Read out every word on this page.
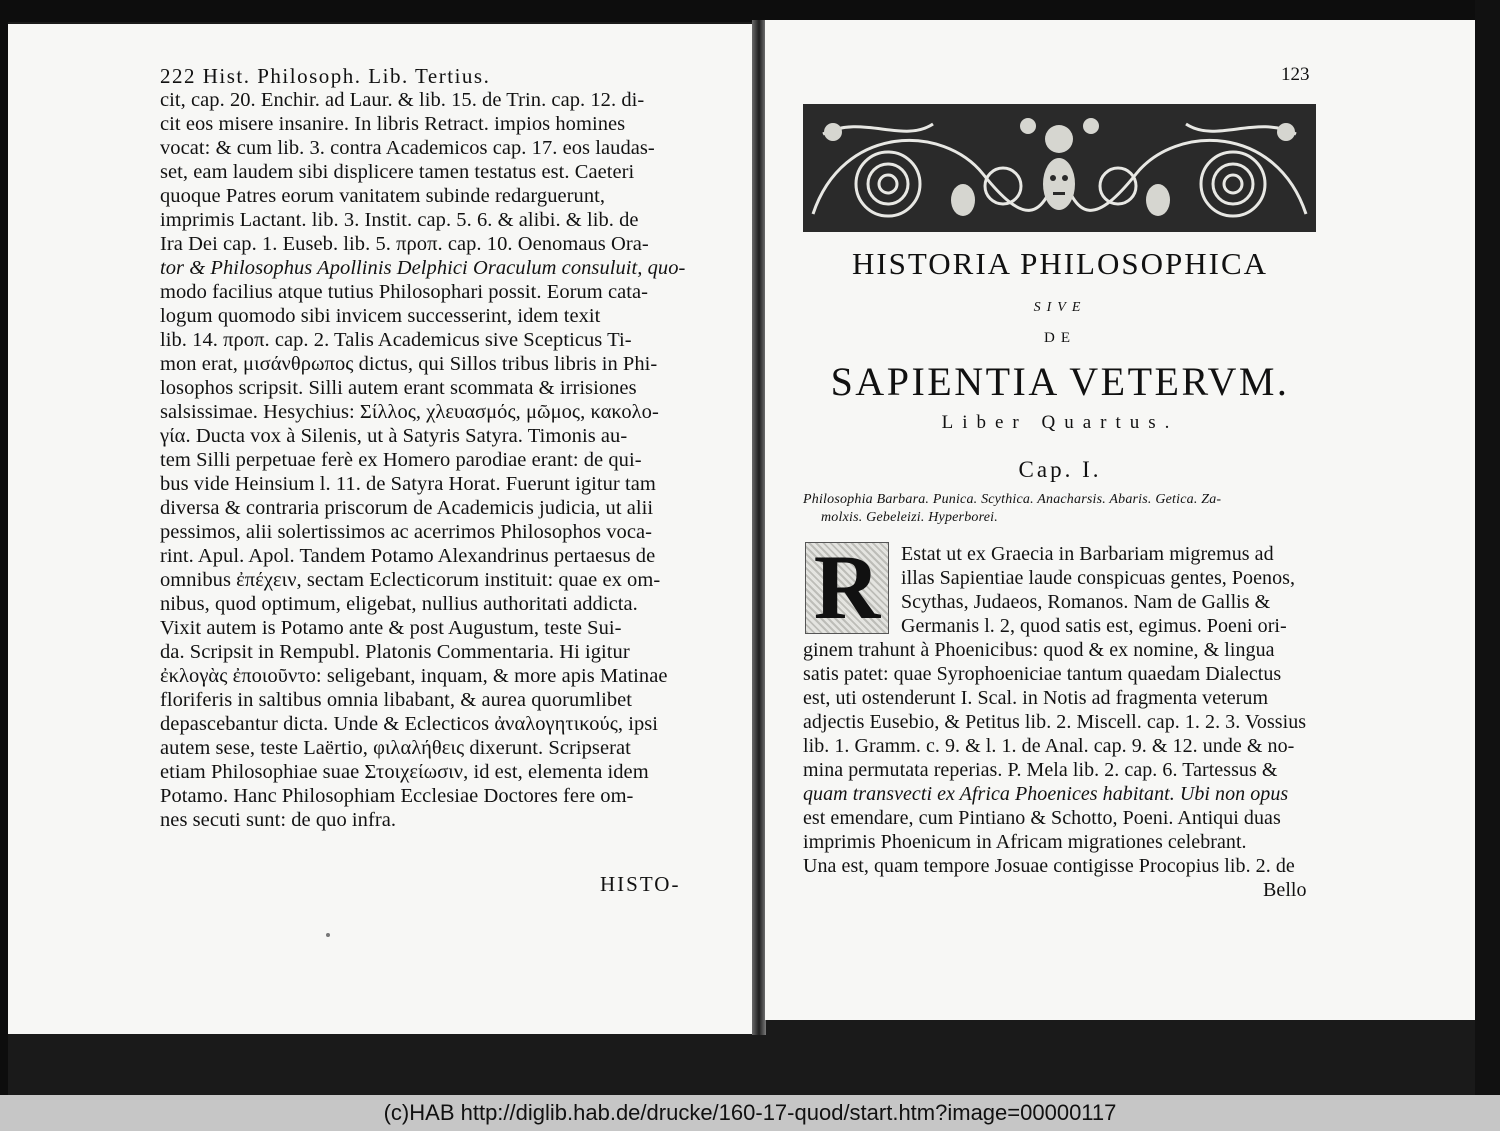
222 Hist. Philosoph. Lib. Tertius.
cit, cap. 20. Enchir. ad Laur. & lib. 15. de Trin. cap. 12. di-
cit eos misere insanire. In libris Retract. impios homines
vocat: & cum lib. 3. contra Academicos cap. 17. eos laudas-
set, eam laudem sibi displicere tamen testatus est. Caeteri
quoque Patres eorum vanitatem subinde redarguerunt,
imprimis Lactant. lib. 3. Instit. cap. 5. 6. & alibi. & lib. de
Ira Dei cap. 1. Euseb. lib. 5. προπ. cap. 10. Oenomaus Ora-
tor & Philosophus Apollinis Delphici Oraculum consuluit, quo-
modo facilius atque tutius Philosophari possit. Eorum cata-
logum quomodo sibi invicem successerint, idem texit
lib. 14. προπ. cap. 2. Talis Academicus sive Scepticus Ti-
mon erat, μισάνθρωπος dictus, qui Sillos tribus libris in Phi-
losophos scripsit. Silli autem erant scommata & irrisiones
salsissimae. Hesychius: Σίλλος, χλευασμός, μῶμος, κακολο-
γία. Ducta vox à Silenis, ut à Satyris Satyra. Timonis au-
tem Silli perpetuae ferè ex Homero parodiae erant: de qui-
bus vide Heinsium l. 11. de Satyra Horat. Fuerunt igitur tam
diversa & contraria priscorum de Academicis judicia, ut alii
pessimos, alii solertissimos ac acerrimos Philosophos voca-
rint. Apul. Apol. Tandem Potamo Alexandrinus pertaesus de
omnibus ἐπέχειν, sectam Eclecticorum instituit: quae ex om-
nibus, quod optimum, eligebat, nullius authoritati addicta.
Vixit autem is Potamo ante & post Augustum, teste Sui-
da. Scripsit in Rempubl. Platonis Commentaria. Hi igitur
ἐκλογὰς ἐποιοῦντο: seligebant, inquam, & more apis Matinae
floriferis in saltibus omnia libabant, & aurea quorumlibet
depascebantur dicta. Unde & Eclecticos ἀναλογητικούς, ipsi
autem sese, teste Laërtio, φιλαλήθεις dixerunt. Scripserat
etiam Philosophiae suae Στοιχείωσιν, id est, elementa idem
Potamo. Hanc Philosophiam Ecclesiae Doctores fere om-
nes secuti sunt: de quo infra.
HISTO-
123
HISTORIA PHILOSOPHICA
SIVE
DE
SAPIENTIA VETERVM.
Liber Quartus.
Cap. I.
Philosophia Barbara. Punica. Scythica. Anacharsis. Abaris. Getica. Za-
molxis. Gebeleizi. Hyperborei.
R	Estat ut ex Graecia in Barbariam migremus ad
illas Sapientiae laude conspicuas gentes, Poenos,
Scythas, Judaeos, Romanos. Nam de Gallis &
Germanis l. 2, quod satis est, egimus. Poeni ori-
ginem trahunt à Phoenicibus: quod & ex nomine, & lingua
satis patet: quae Syrophoeniciae tantum quaedam Dialectus
est, uti ostenderunt I. Scal. in Notis ad fragmenta veterum
adjectis Eusebio, & Petitus lib. 2. Miscell. cap. 1. 2. 3. Vossius
lib. 1. Gramm. c. 9. & l. 1. de Anal. cap. 9. & 12. unde & no-
mina permutata reperias. P. Mela lib. 2. cap. 6. Tartessus &
quam transvecti ex Africa Phoenices habitant. Ubi non opus
est emendare, cum Pintiano & Schotto, Poeni. Antiqui duas
imprimis Phoenicum in Africam migrationes celebrant.
Una est, quam tempore Josuae contigisse Procopius lib. 2. de
Bello
(c)HAB http://diglib.hab.de/drucke/160-17-quod/start.htm?image=00000117
